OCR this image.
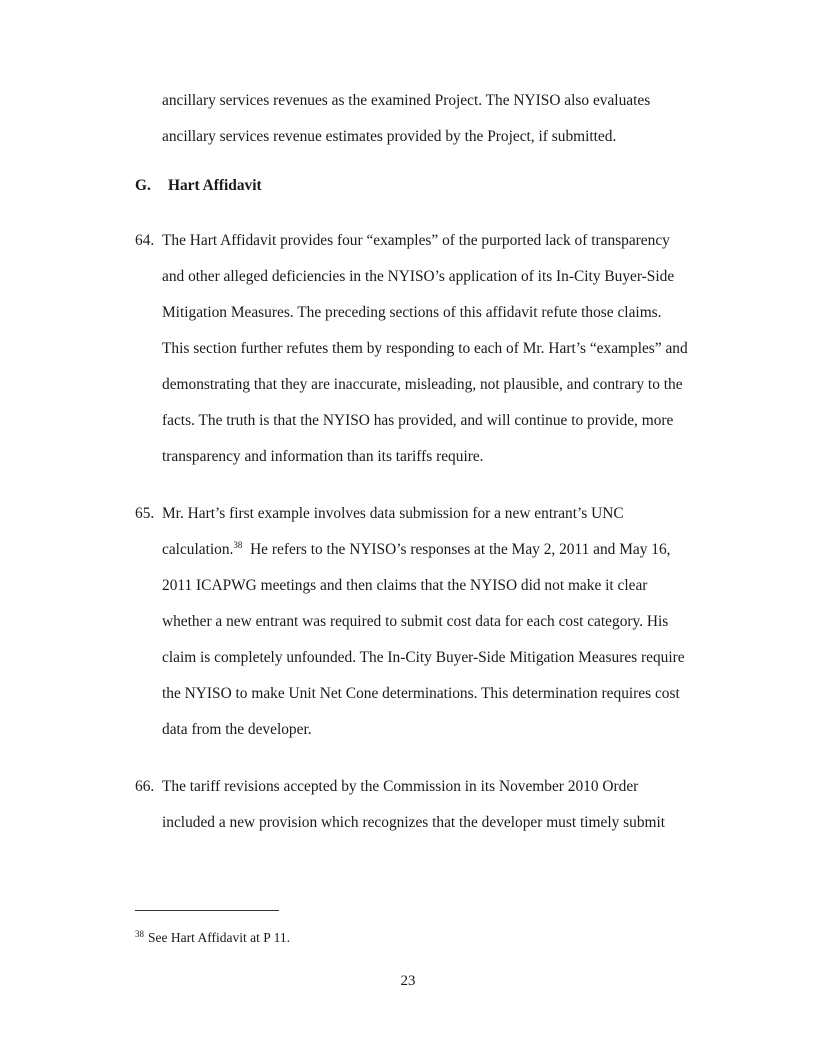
ancillary services revenues as the examined Project. The NYISO also evaluates
ancillary services revenue estimates provided by the Project, if submitted.
G. Hart Affidavit
64. The Hart Affidavit provides four “examples” of the purported lack of transparency
and other alleged deficiencies in the NYISO’s application of its In-City Buyer-Side
Mitigation Measures. The preceding sections of this affidavit refute those claims.
This section further refutes them by responding to each of Mr. Hart’s “examples” and
demonstrating that they are inaccurate, misleading, not plausible, and contrary to the
facts. The truth is that the NYISO has provided, and will continue to provide, more
transparency and information than its tariffs require.
65. Mr. Hart’s first example involves data submission for a new entrant’s UNC
calculation.$^{38}$  He refers to the NYISO’s responses at the May 2, 2011 and May 16,
2011 ICAPWG meetings and then claims that the NYISO did not make it clear
whether a new entrant was required to submit cost data for each cost category. His
claim is completely unfounded. The In-City Buyer-Side Mitigation Measures require
the NYISO to make Unit Net Cone determinations. This determination requires cost
data from the developer.
66. The tariff revisions accepted by the Commission in its November 2010 Order
included a new provision which recognizes that the developer must timely submit
38 See Hart Affidavit at P 11.
23
